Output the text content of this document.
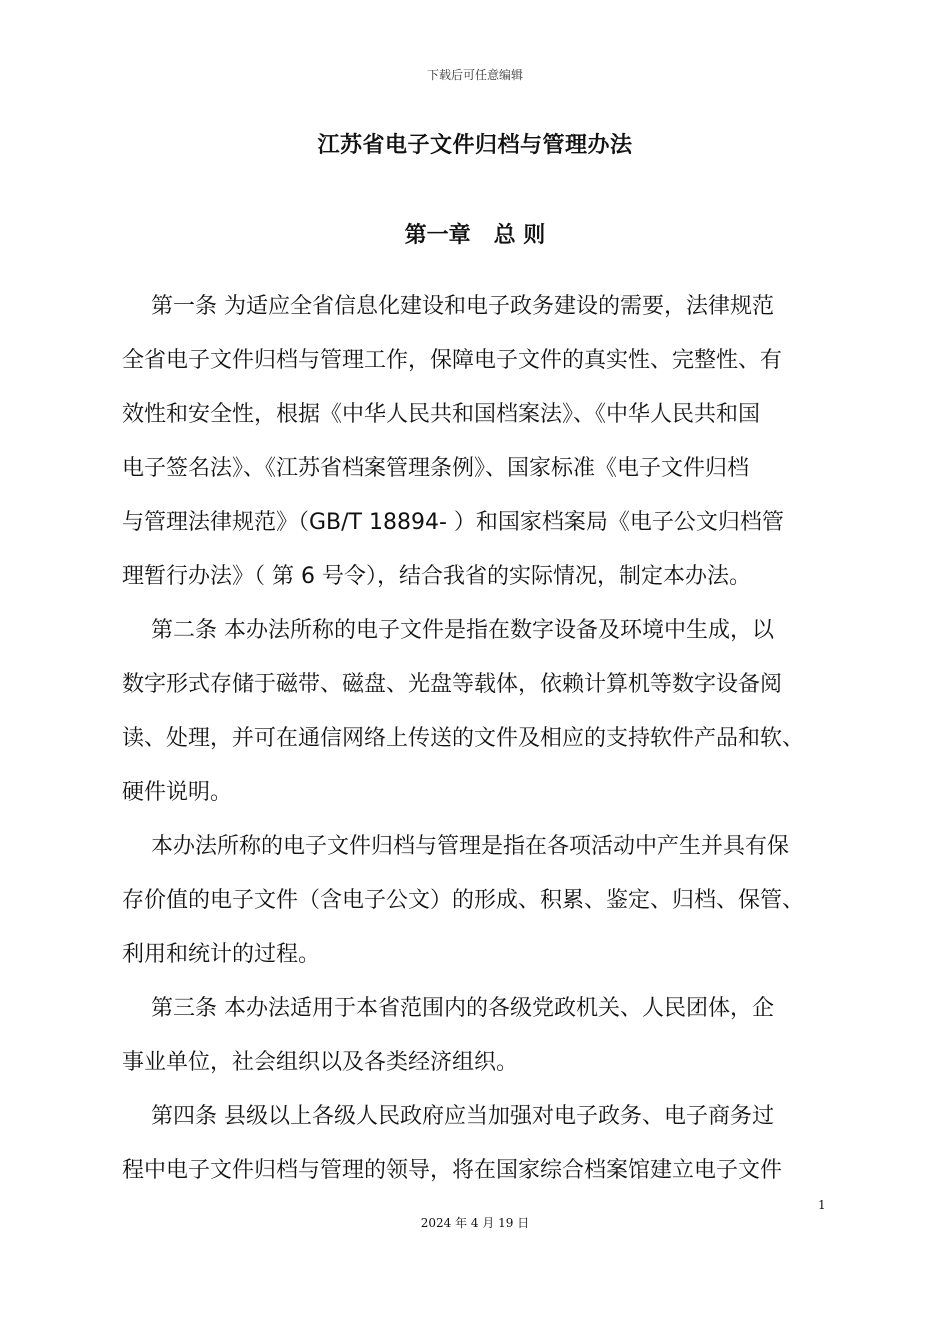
下载后可任意编辑
江苏省电子文件归档与管理办法
第一章   总 则
第一条 为适应全省信息化建设和电子政务建设的需要，法律规范
全省电子文件归档与管理工作，保障电子文件的真实性、完整性、有
效性和安全性，根据《中华人民共和国档案法》、《中华人民共和国
电子签名法》、《江苏省档案管理条例》、国家标准《电子文件归档
与管理法律规范》（GB/T 18894- ）和国家档案局《电子公文归档管
理暂行办法》（ 第 6 号令），结合我省的实际情况，制定本办法。
第二条 本办法所称的电子文件是指在数字设备及环境中生成，以
数字形式存储于磁带、磁盘、光盘等载体，依赖计算机等数字设备阅
读、处理，并可在通信网络上传送的文件及相应的支持软件产品和软、
硬件说明。
本办法所称的电子文件归档与管理是指在各项活动中产生并具有保
存价值的电子文件（含电子公文）的形成、积累、鉴定、归档、保管、
利用和统计的过程。
第三条 本办法适用于本省范围内的各级党政机关、人民团体，企
事业单位，社会组织以及各类经济组织。
第四条 县级以上各级人民政府应当加强对电子政务、电子商务过
程中电子文件归档与管理的领导，将在国家综合档案馆建立电子文件
1
2024 年 4 月 19 日
